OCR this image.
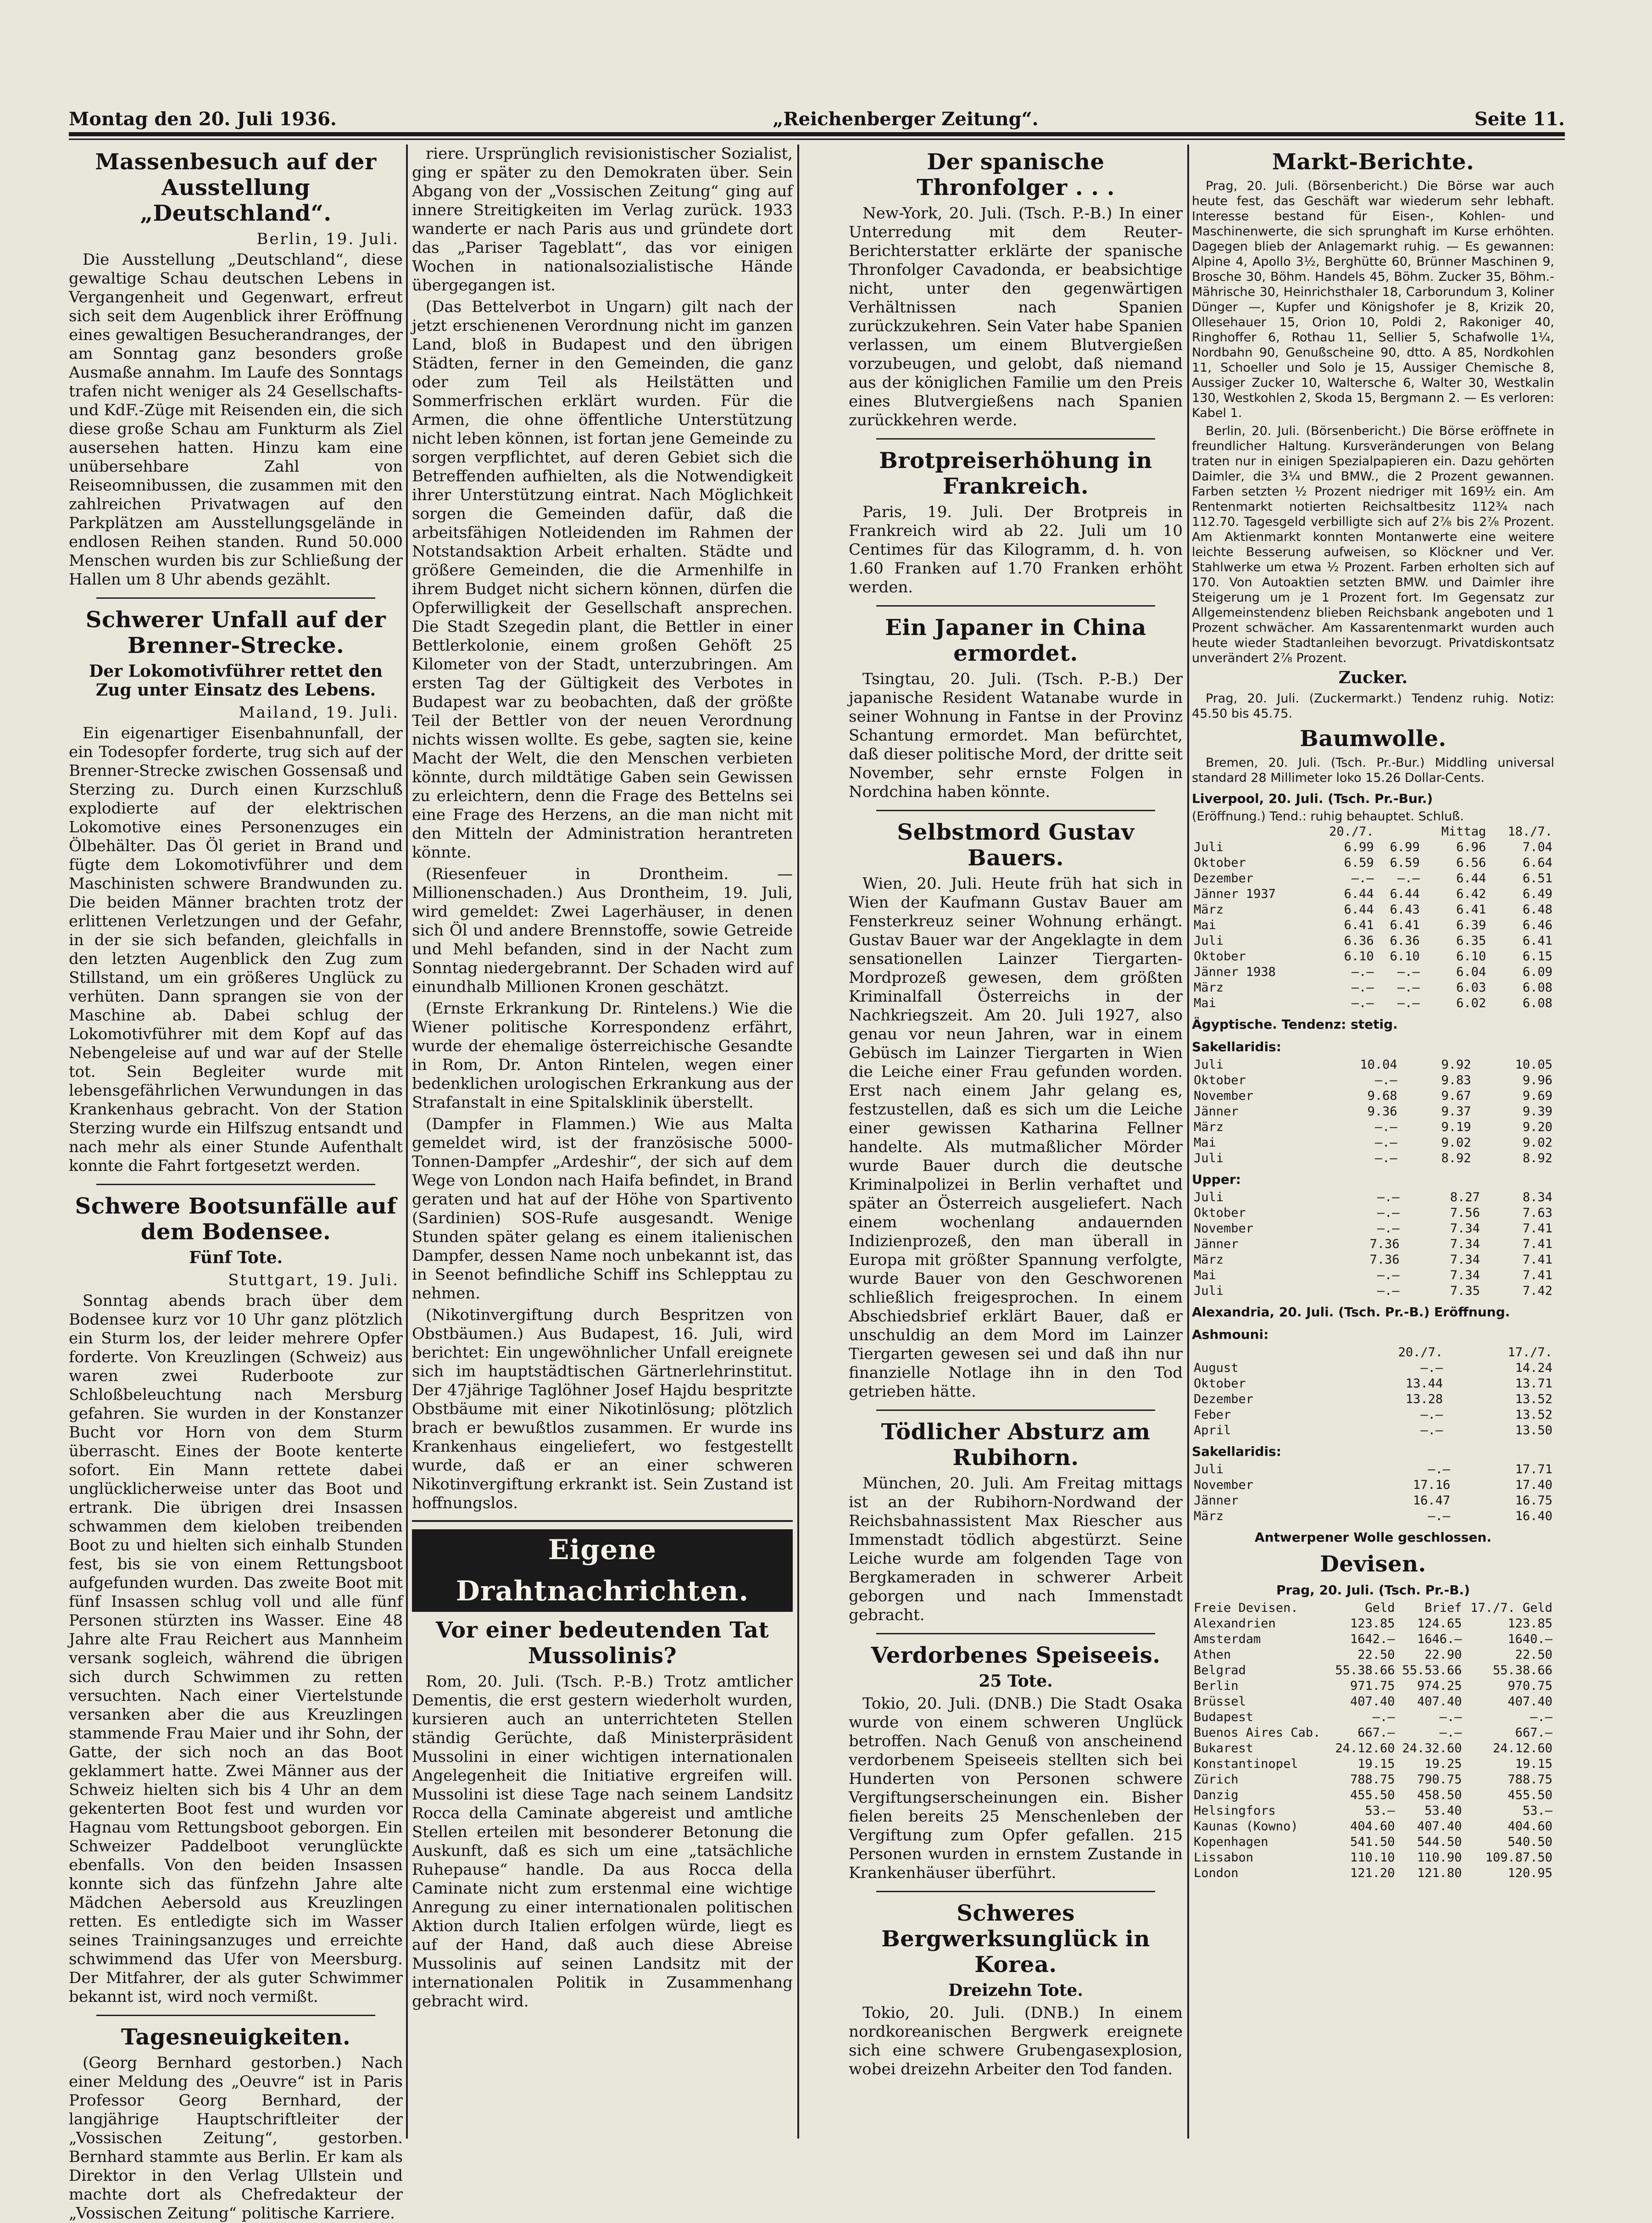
Montag den 20. Juli 1936.	„Reichenberger Zeitung“.	Seite 11.
Massenbesuch auf der Ausstellung „Deutschland“.
Berlin, 19. Juli.

Die Ausstellung „Deutschland“, diese gewaltige Schau deutschen Lebens in Vergangenheit und Gegenwart, erfreut sich seit dem Augenblick ihrer Eröffnung eines gewaltigen Besucherandranges, der am Sonntag ganz besonders große Ausmaße annahm. Im Laufe des Sonntags trafen nicht weniger als 24 Gesellschafts- und KdF.-Züge mit Reisenden ein, die sich diese große Schau am Funkturm als Ziel ausersehen hatten. Hinzu kam eine unübersehbare Zahl von Reiseomnibussen, die zusammen mit den zahlreichen Privatwagen auf den Parkplätzen am Ausstellungsgelände in endlosen Reihen standen. Rund 50.000 Menschen wurden bis zur Schließung der Hallen um 8 Uhr abends gezählt.

Schwerer Unfall auf der Brenner-Strecke.
Der Lokomotivführer rettet den Zug unter Einsatz des Lebens.
Mailand, 19. Juli.

Ein eigenartiger Eisenbahnunfall, der ein Todesopfer forderte, trug sich auf der Brenner-Strecke zwischen Gossensaß und Sterzing zu. Durch einen Kurzschluß explodierte auf der elektrischen Lokomotive eines Personenzuges ein Ölbehälter. Das Öl geriet in Brand und fügte dem Lokomotivführer und dem Maschinisten schwere Brandwunden zu. Die beiden Männer brachten trotz der erlittenen Verletzungen und der Gefahr, in der sie sich befanden, gleichfalls in den letzten Augenblick den Zug zum Stillstand, um ein größeres Unglück zu verhüten. Dann sprangen sie von der Maschine ab. Dabei schlug der Lokomotivführer mit dem Kopf auf das Nebengeleise auf und war auf der Stelle tot. Sein Begleiter wurde mit lebensgefährlichen Verwundungen in das Krankenhaus gebracht. Von der Station Sterzing wurde ein Hilfszug entsandt und nach mehr als einer Stunde Aufenthalt konnte die Fahrt fortgesetzt werden.

Schwere Bootsunfälle auf dem Bodensee.
Fünf Tote.
Stuttgart, 19. Juli.

Sonntag abends brach über dem Bodensee kurz vor 10 Uhr ganz plötzlich ein Sturm los, der leider mehrere Opfer forderte. Von Kreuzlingen (Schweiz) aus waren zwei Ruderboote zur Schloßbeleuchtung nach Mersburg gefahren. Sie wurden in der Konstanzer Bucht vor Horn von dem Sturm überrascht. Eines der Boote kenterte sofort. Ein Mann rettete dabei unglücklicherweise unter das Boot und ertrank. Die übrigen drei Insassen schwammen dem kieloben treibenden Boot zu und hielten sich einhalb Stunden fest, bis sie von einem Rettungsboot aufgefunden wurden. Das zweite Boot mit fünf Insassen schlug voll und alle fünf Personen stürzten ins Wasser. Eine 48 Jahre alte Frau Reichert aus Mannheim versank sogleich, während die übrigen sich durch Schwimmen zu retten versuchten. Nach einer Viertelstunde versanken aber die aus Kreuzlingen stammende Frau Maier und ihr Sohn, der Gatte, der sich noch an das Boot geklammert hatte. Zwei Männer aus der Schweiz hielten sich bis 4 Uhr an dem gekenterten Boot fest und wurden vor Hagnau vom Rettungsboot geborgen. Ein Schweizer Paddelboot verunglückte ebenfalls. Von den beiden Insassen konnte sich das fünfzehn Jahre alte Mädchen Aebersold aus Kreuzlingen retten. Es entledigte sich im Wasser seines Trainingsanzuges und erreichte schwimmend das Ufer von Meersburg. Der Mitfahrer, der als guter Schwimmer bekannt ist, wird noch vermißt.

Tagesneuigkeiten.

(Georg Bernhard gestorben.) Nach einer Meldung des „Oeuvre“ ist in Paris Professor Georg Bernhard, der langjährige Hauptschriftleiter der „Vossischen Zeitung“, gestorben. Bernhard stammte aus Berlin. Er kam als Direktor in den Verlag Ullstein und machte dort als Chefredakteur der „Vossischen Zeitung“ politische Karriere.

riere. Ursprünglich revisionistischer Sozialist, ging er später zu den Demokraten über. Sein Abgang von der „Vossischen Zeitung“ ging auf innere Streitigkeiten im Verlag zurück. 1933 wanderte er nach Paris aus und gründete dort das „Pariser Tageblatt“, das vor einigen Wochen in nationalsozialistische Hände übergegangen ist.

(Das Bettelverbot in Ungarn) gilt nach der jetzt erschienenen Verordnung nicht im ganzen Land, bloß in Budapest und den übrigen Städten, ferner in den Gemeinden, die ganz oder zum Teil als Heilstätten und Sommerfrischen erklärt wurden. Für die Armen, die ohne öffentliche Unterstützung nicht leben können, ist fortan jene Gemeinde zu sorgen verpflichtet, auf deren Gebiet sich die Betreffenden aufhielten, als die Notwendigkeit ihrer Unterstützung eintrat. Nach Möglichkeit sorgen die Gemeinden dafür, daß die arbeitsfähigen Notleidenden im Rahmen der Notstandsaktion Arbeit erhalten. Städte und größere Gemeinden, die die Armenhilfe in ihrem Budget nicht sichern können, dürfen die Opferwilligkeit der Gesellschaft ansprechen. Die Stadt Szegedin plant, die Bettler in einer Bettlerkolonie, einem großen Gehöft 25 Kilometer von der Stadt, unterzubringen. Am ersten Tag der Gültigkeit des Verbotes in Budapest war zu beobachten, daß der größte Teil der Bettler von der neuen Verordnung nichts wissen wollte. Es gebe, sagten sie, keine Macht der Welt, die den Menschen verbieten könnte, durch mildtätige Gaben sein Gewissen zu erleichtern, denn die Frage des Bettelns sei eine Frage des Herzens, an die man nicht mit den Mitteln der Administration herantreten könnte.

(Riesenfeuer in Drontheim. — Millionenschaden.) Aus Drontheim, 19. Juli, wird gemeldet: Zwei Lagerhäuser, in denen sich Öl und andere Brennstoffe, sowie Getreide und Mehl befanden, sind in der Nacht zum Sonntag niedergebrannt. Der Schaden wird auf einundhalb Millionen Kronen geschätzt.

(Ernste Erkrankung Dr. Rintelens.) Wie die Wiener politische Korrespondenz erfährt, wurde der ehemalige österreichische Gesandte in Rom, Dr. Anton Rintelen, wegen einer bedenklichen urologischen Erkrankung aus der Strafanstalt in eine Spitalsklinik überstellt.

(Dampfer in Flammen.) Wie aus Malta gemeldet wird, ist der französische 5000-Tonnen-Dampfer „Ardeshir“, der sich auf dem Wege von London nach Haifa befindet, in Brand geraten und hat auf der Höhe von Spartivento (Sardinien) SOS-Rufe ausgesandt. Wenige Stunden später gelang es einem italienischen Dampfer, dessen Name noch unbekannt ist, das in Seenot befindliche Schiff ins Schlepptau zu nehmen.

(Nikotinvergiftung durch Bespritzen von Obstbäumen.) Aus Budapest, 16. Juli, wird berichtet: Ein ungewöhnlicher Unfall ereignete sich im hauptstädtischen Gärtnerlehrinstitut. Der 47jährige Taglöhner Josef Hajdu bespritzte Obstbäume mit einer Nikotinlösung; plötzlich brach er bewußtlos zusammen. Er wurde ins Krankenhaus eingeliefert, wo festgestellt wurde, daß er an einer schweren Nikotinvergiftung erkrankt ist. Sein Zustand ist hoffnungslos.

Eigene Drahtnachrichten.
Vor einer bedeutenden Tat Mussolinis?

Rom, 20. Juli. (Tsch. P.-B.) Trotz amtlicher Dementis, die erst gestern wiederholt wurden, kursieren auch an unterrichteten Stellen ständig Gerüchte, daß Ministerpräsident Mussolini in einer wichtigen internationalen Angelegenheit die Initiative ergreifen will. Mussolini ist diese Tage nach seinem Landsitz Rocca della Caminate abgereist und amtliche Stellen erteilen mit besonderer Betonung die Auskunft, daß es sich um eine „tatsächliche Ruhepause“ handle. Da aus Rocca della Caminate nicht zum erstenmal eine wichtige Anregung zu einer internationalen politischen Aktion durch Italien erfolgen würde, liegt es auf der Hand, daß auch diese Abreise Mussolinis auf seinen Landsitz mit der internationalen Politik in Zusammenhang gebracht wird.

Der spanische Thronfolger . . .

New-York, 20. Juli. (Tsch. P.-B.) In einer Unterredung mit dem Reuter-Berichterstatter erklärte der spanische Thronfolger Cavadonda, er beabsichtige nicht, unter den gegenwärtigen Verhältnissen nach Spanien zurückzukehren. Sein Vater habe Spanien verlassen, um einem Blutvergießen vorzubeugen, und gelobt, daß niemand aus der königlichen Familie um den Preis eines Blutvergießens nach Spanien zurückkehren werde.

Brotpreiserhöhung in Frankreich.

Paris, 19. Juli. Der Brotpreis in Frankreich wird ab 22. Juli um 10 Centimes für das Kilogramm, d. h. von 1.60 Franken auf 1.70 Franken erhöht werden.

Ein Japaner in China ermordet.

Tsingtau, 20. Juli. (Tsch. P.-B.) Der japanische Resident Watanabe wurde in seiner Wohnung in Fantse in der Provinz Schantung ermordet. Man befürchtet, daß dieser politische Mord, der dritte seit November, sehr ernste Folgen in Nordchina haben könnte.

Selbstmord Gustav Bauers.

Wien, 20. Juli. Heute früh hat sich in Wien der Kaufmann Gustav Bauer am Fensterkreuz seiner Wohnung erhängt. Gustav Bauer war der Angeklagte in dem sensationellen Lainzer Tiergarten-Mordprozeß gewesen, dem größten Kriminalfall Österreichs in der Nachkriegszeit. Am 20. Juli 1927, also genau vor neun Jahren, war in einem Gebüsch im Lainzer Tiergarten in Wien die Leiche einer Frau gefunden worden. Erst nach einem Jahr gelang es, festzustellen, daß es sich um die Leiche einer gewissen Katharina Fellner handelte. Als mutmaßlicher Mörder wurde Bauer durch die deutsche Kriminalpolizei in Berlin verhaftet und später an Österreich ausgeliefert. Nach einem wochenlang andauernden Indizienprozeß, den man überall in Europa mit größter Spannung verfolgte, wurde Bauer von den Geschworenen schließlich freigesprochen. In einem Abschiedsbrief erklärt Bauer, daß er unschuldig an dem Mord im Lainzer Tiergarten gewesen sei und daß ihn nur finanzielle Notlage ihn in den Tod getrieben hätte.

Tödlicher Absturz am Rubihorn.

München, 20. Juli. Am Freitag mittags ist an der Rubihorn-Nordwand der Reichsbahnassistent Max Riescher aus Immenstadt tödlich abgestürzt. Seine Leiche wurde am folgenden Tage von Bergkameraden in schwerer Arbeit geborgen und nach Immenstadt gebracht.

Verdorbenes Speiseeis.
25 Tote.

Tokio, 20. Juli. (DNB.) Die Stadt Osaka wurde von einem schweren Unglück betroffen. Nach Genuß von anscheinend verdorbenem Speiseeis stellten sich bei Hunderten von Personen schwere Vergiftungserscheinungen ein. Bisher fielen bereits 25 Menschenleben der Vergiftung zum Opfer gefallen. 215 Personen wurden in ernstem Zustande in Krankenhäuser überführt.

Schweres Bergwerksunglück in Korea.
Dreizehn Tote.

Tokio, 20. Juli. (DNB.) In einem nordkoreanischen Bergwerk ereignete sich eine schwere Grubengasexplosion, wobei dreizehn Arbeiter den Tod fanden.

Markt-Berichte.

Prag, 20. Juli. (Börsenbericht.) Die Börse war auch heute fest, das Geschäft war wiederum sehr lebhaft. Interesse bestand für Eisen-, Kohlen- und Maschinenwerte, die sich sprunghaft im Kurse erhöhten. Dagegen blieb der Anlagemarkt ruhig. — Es gewannen: Alpine 4, Apollo 3½, Berghütte 60, Brünner Maschinen 9, Brosche 30, Böhm. Handels 45, Böhm. Zucker 35, Böhm.-Mährische 30, Heinrichsthaler 18, Carborundum 3, Koliner Dünger —, Kupfer und Königshofer je 8, Krizik 20, Ollesehauer 15, Orion 10, Poldi 2, Rakoniger 40, Ringhoffer 6, Rothau 11, Sellier 5, Schafwolle 1¼, Nordbahn 90, Genußscheine 90, dtto. A 85, Nordkohlen 11, Schoeller und Solo je 15, Aussiger Chemische 8, Aussiger Zucker 10, Waltersche 6, Walter 30, Westkalin 130, Westkohlen 2, Skoda 15, Bergmann 2. — Es verloren: Kabel 1.

Berlin, 20. Juli. (Börsenbericht.) Die Börse eröffnete in freundlicher Haltung. Kursveränderungen von Belang traten nur in einigen Spezialpapieren ein. Dazu gehörten Daimler, die 3¼ und BMW., die 2 Prozent gewannen. Farben setzten ½ Prozent niedriger mit 169½ ein. Am Rentenmarkt notierten Reichsaltbesitz 112¾ nach 112.70. Tagesgeld verbilligte sich auf 2⅞ bis 2⅞ Prozent. Am Aktienmarkt konnten Montanwerte eine weitere leichte Besserung aufweisen, so Klöckner und Ver. Stahlwerke um etwa ½ Prozent. Farben erholten sich auf 170. Von Autoaktien setzten BMW. und Daimler ihre Steigerung um je 1 Prozent fort. Im Gegensatz zur Allgemeinstendenz blieben Reichsbank angeboten und 1 Prozent schwächer. Am Kassarentenmarkt wurden auch heute wieder Stadtanleihen bevorzugt. Privatdiskontsatz unverändert 2⅞ Prozent.

Zucker.

Prag, 20. Juli. (Zuckermarkt.) Tendenz ruhig. Notiz: 45.50 bis 45.75.

Baumwolle.

Bremen, 20. Juli. (Tsch. Pr.-Bur.) Middling universal standard 28 Millimeter loko 15.26 Dollar-Cents.

Liverpool, 20. Juli. (Tsch. Pr.-Bur.)
(Eröffnung.) Tend.: ruhig behauptet. Schluß.
	20./7.		Mittag	18./7.
Juli	6.99	6.99	6.96	7.04
Oktober	6.59	6.59	6.56	6.64
Dezember	—.—	—.—	6.44	6.51
Jänner 1937	6.44	6.44	6.42	6.49
März	6.44	6.43	6.41	6.48
Mai	6.41	6.41	6.39	6.46
Juli	6.36	6.36	6.35	6.41
Oktober	6.10	6.10	6.10	6.15
Jänner 1938	—.—	—.—	6.04	6.09
März	—.—	—.—	6.03	6.08
Mai	—.—	—.—	6.02	6.08
Ägyptische. Tendenz: stetig.
Sakellaridis:
Juli	10.04		9.92	10.05
Oktober	—.—		9.83	9.96
November	9.68		9.67	9.69
Jänner	9.36		9.37	9.39
März	—.—		9.19	9.20
Mai	—.—		9.02	9.02
Juli	—.—		8.92	8.92
Upper:
Juli	—.—		8.27	8.34
Oktober	—.—		7.56	7.63
November	—.—		7.34	7.41
Jänner	7.36		7.34	7.41
März	7.36		7.34	7.41
Mai	—.—		7.34	7.41
Juli	—.—		7.35	7.42
Alexandria, 20. Juli. (Tsch. Pr.-B.) Eröffnung.
Ashmouni:
	20./7.	17./7.
August	—.—	14.24
Oktober	13.44	13.71
Dezember	13.28	13.52
Feber	—.—	13.52
April	—.—	13.50
Sakellaridis:
Juli	—.—	17.71
November	17.16	17.40
Jänner	16.47	16.75
März	—.—	16.40
Antwerpener Wolle geschlossen.
Devisen.
Prag, 20. Juli. (Tsch. Pr.-B.)
Freie Devisen.	Geld	Brief	17./7. Geld
Alexandrien	123.85	124.65	123.85
Amsterdam	1642.—	1646.—	1640.—
Athen	22.50	22.90	22.50
Belgrad	55.38.66	55.53.66	55.38.66
Berlin	971.75	974.25	970.75
Brüssel	407.40	407.40	407.40
Budapest	—.—	—.—	—.—
Buenos Aires Cab.	667.—	—.—	667.—
Bukarest	24.12.60	24.32.60	24.12.60
Konstantinopel	19.15	19.25	19.15
Zürich	788.75	790.75	788.75
Danzig	455.50	458.50	455.50
Helsingfors	53.—	53.40	53.—
Kaunas (Kowno)	404.60	407.40	404.60
Kopenhagen	541.50	544.50	540.50
Lissabon	110.10	110.90	109.87.50
London	121.20	121.80	120.95
